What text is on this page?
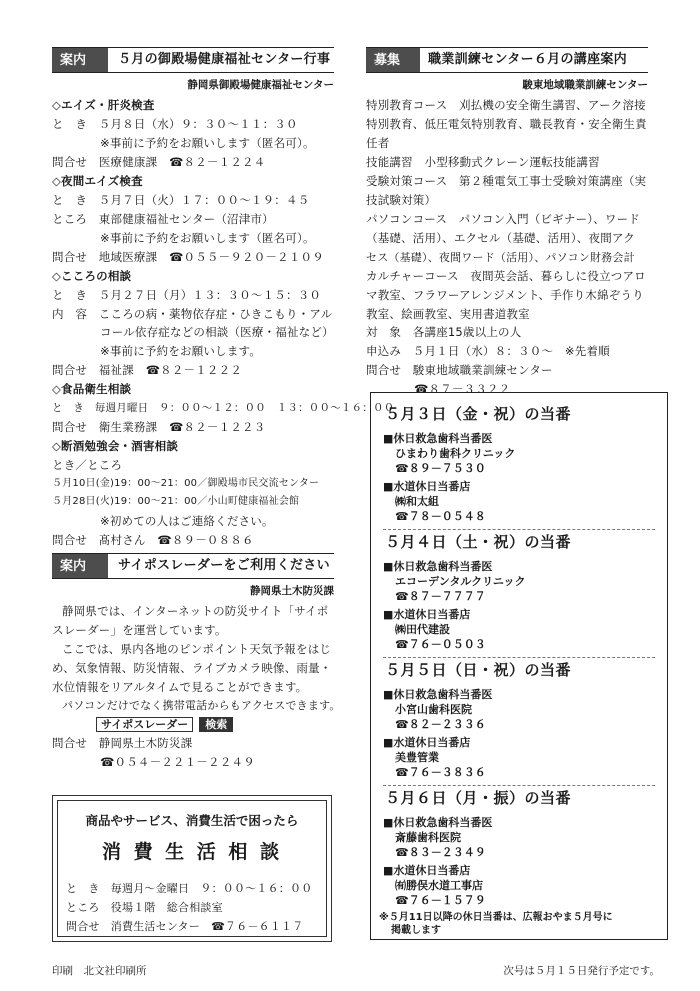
案内	５月の御殿場健康福祉センター行事
静岡県御殿場健康福祉センター
◇エイズ・肝炎検査
と　き　５月８日（水）９：３０～１１：３０
※事前に予約をお願いします（匿名可）。
問合せ　医療健康課　☎８２－１２２４
◇夜間エイズ検査
と　き　５月７日（火）１７：００～１９：４５
ところ　東部健康福祉センター（沼津市）
※事前に予約をお願いします（匿名可）。
問合せ　地域医療課　☎０５５－９２０－２１０９
◇こころの相談
と　き　５月２７日（月）１３：３０～１５：３０
内　容　こころの病・薬物依存症・ひきこもり・アル
コール依存症などの相談（医療・福祉など）
※事前に予約をお願いします。
問合せ　福祉課　☎８２－１２２２
◇食品衛生相談
と　き　毎週月曜日　９：００～１２：００　１３：００～１６：００
問合せ　衛生業務課　☎８２－１２２３
◇断酒勉強会・酒害相談
とき／ところ
５月10日(金)19：00～21：00／御殿場市民交流センター
５月28日(火)19：00～21：00／小山町健康福祉会館
※初めての人はご連絡ください。
問合せ　髙村さん　☎８９－０８８６
案内	サイポスレーダーをご利用ください
静岡県土木防災課
静岡県では、インターネットの防災サイト「サイポ
スレーダー」を運営しています。
ここでは、県内各地のピンポイント天気予報をはじ
め、気象情報、防災情報、ライブカメラ映像、雨量・
水位情報をリアルタイムで見ることができます。
パソコンだけでなく携帯電話からもアクセスできます。
サイポスレーダー 検索
問合せ　静岡県土木防災課
☎０５４－２２１－２２４９
商品やサービス、消費生活で困ったら
消 費 生 活 相 談
と　き　毎週月～金曜日　９：００～１６：００
ところ　役場１階　総合相談室
問合せ　消費生活センター　☎７６－６１１７
募集	職業訓練センター６月の講座案内
駿東地域職業訓練センター
特別教育コース　刈払機の安全衛生講習、アーク溶接
特別教育、低圧電気特別教育、職長教育・安全衛生責
任者
技能講習　小型移動式クレーン運転技能講習
受験対策コース　第２種電気工事士受験対策講座（実
技試験対策）
パソコンコース　パソコン入門（ビギナー）、ワード
（基礎、活用）、エクセル（基礎、活用）、夜間アク
セス（基礎）、夜間ワード（活用）、パソコン財務会計
カルチャーコース　夜間英会話、暮らしに役立つアロ
マ教室、フラワーアレンジメント、手作り木綿ぞうり
教室、絵画教室、実用書道教室
対　象　各講座15歳以上の人
申込み　５月１日（水）８：３０～　※先着順
問合せ　駿東地域職業訓練センター
☎８７－３３２２
５月３日（金・祝）の当番
■休日救急歯科当番医
ひまわり歯科クリニック
☎８９－７５３０
■水道休日当番店
㈱和太組
☎７８－０５４８
５月４日（土・祝）の当番
■休日救急歯科当番医
エコーデンタルクリニック
☎８７－７７７７
■水道休日当番店
㈱田代建設
☎７６－０５０３
５月５日（日・祝）の当番
■休日救急歯科当番医
小宮山歯科医院
☎８２－２３３６
■水道休日当番店
美豊管業
☎７６－３８３６
５月６日（月・振）の当番
■休日救急歯科当番医
斎藤歯科医院
☎８３－２３４９
■水道休日当番店
㈲勝俣水道工事店
☎７６－１５７９
※５月11日以降の休日当番は、広報おやま５月号に
掲載します
印刷　北文社印刷所	次号は５月１５日発行予定です。
